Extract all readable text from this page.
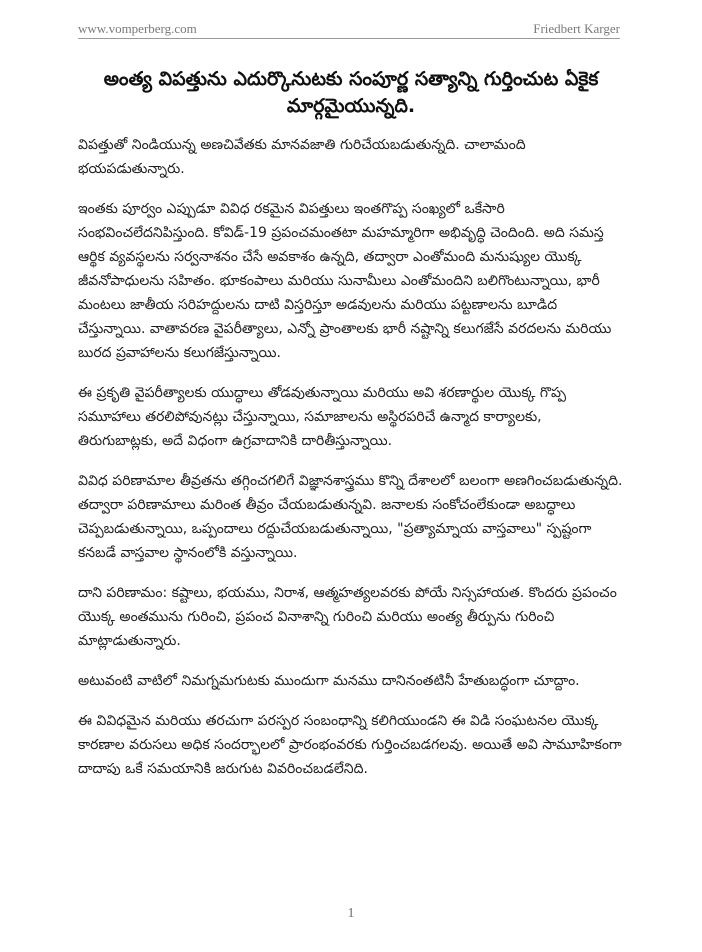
www.vomperberg.com	Friedbert Karger
అంత్య విపత్తును ఎదుర్కొనుటకు సంపూర్ణ సత్యాన్ని గుర్తించుట ఏకైక మార్గమైయున్నది.

విపత్తుతో నిండియున్న అణచివేతకు మానవజాతి గురిచేయబడుతున్నది. చాలామంది భయపడుతున్నారు.

ఇంతకు పూర్వం ఎప్పుడూ వివిధ రకమైన విపత్తులు ఇంతగొప్ప సంఖ్యలో ఒకేసారి సంభవించలేదనిపిస్తుంది. కోవిడ్-19 ప్రపంచమంతటా మహమ్మారిగా అభివృద్ధి చెందింది. అది సమస్త ఆర్థిక వ్యవస్థలను సర్వనాశనం చేసే అవకాశం ఉన్నది, తద్వారా ఎంతోమంది మనుష్యుల యొక్క జీవనోపాధులను సహితం. భూకంపాలు మరియు సునామీలు ఎంతోమందిని బలిగొంటున్నాయి, భారీ మంటలు జాతీయ సరిహద్దులను దాటి విస్తరిస్తూ అడవులను మరియు పట్టణాలను బూడిద చేస్తున్నాయి. వాతావరణ వైపరీత్యాలు, ఎన్నో ప్రాంతాలకు భారీ నష్టాన్ని కలుగజేసే వరదలను మరియు బురద ప్రవాహాలను కలుగజేస్తున్నాయి.

ఈ ప్రకృతి వైపరీత్యాలకు యుద్ధాలు తోడవుతున్నాయి మరియు అవి శరణార్థుల యొక్క గొప్ప సమూహాలు తరలిపోవునట్లు చేస్తున్నాయి, సమాజాలను అస్థిరపరిచే ఉన్మాద కార్యాలకు, తిరుగుబాట్లకు, అదే విధంగా ఉగ్రవాదానికి దారితీస్తున్నాయి.

వివిధ పరిణామాల తీవ్రతను తగ్గించగలిగే విజ్ఞానశాస్త్రము కొన్ని దేశాలలో బలంగా అణగించబడుతున్నది. తద్వారా పరిణామాలు మరింత తీవ్రం చేయబడుతున్నవి. జనాలకు సంకోచంలేకుండా అబద్ధాలు చెప్పబడుతున్నాయి, ఒప్పందాలు రద్దుచేయబడుతున్నాయి, "ప్రత్యామ్నాయ వాస్తవాలు" స్పష్టంగా కనబడే వాస్తవాల స్థానంలోకి వస్తున్నాయి.

దాని పరిణామం: కష్టాలు, భయము, నిరాశ, ఆత్మహత్యలవరకు పోయే నిస్సహాయత. కొందరు ప్రపంచం యొక్క అంతమును గురించి, ప్రపంచ వినాశాన్ని గురించి మరియు అంత్య తీర్పును గురించి మాట్లాడుతున్నారు.

అటువంటి వాటిలో నిమగ్నమగుటకు ముందుగా మనము దానినంతటినీ హేతుబద్ధంగా చూద్దాం.

ఈ వివిధమైన మరియు తరచుగా పరస్పర సంబంధాన్ని కలిగియుండని ఈ విడి సంఘటనల యొక్క కారణాల వరుసలు అధిక సందర్భాలలో ప్రారంభంవరకు గుర్తించబడగలవు. అయితే అవి సామూహికంగా దాదాపు ఒకే సమయానికి జరుగుట వివరించబడలేనిది.

1
